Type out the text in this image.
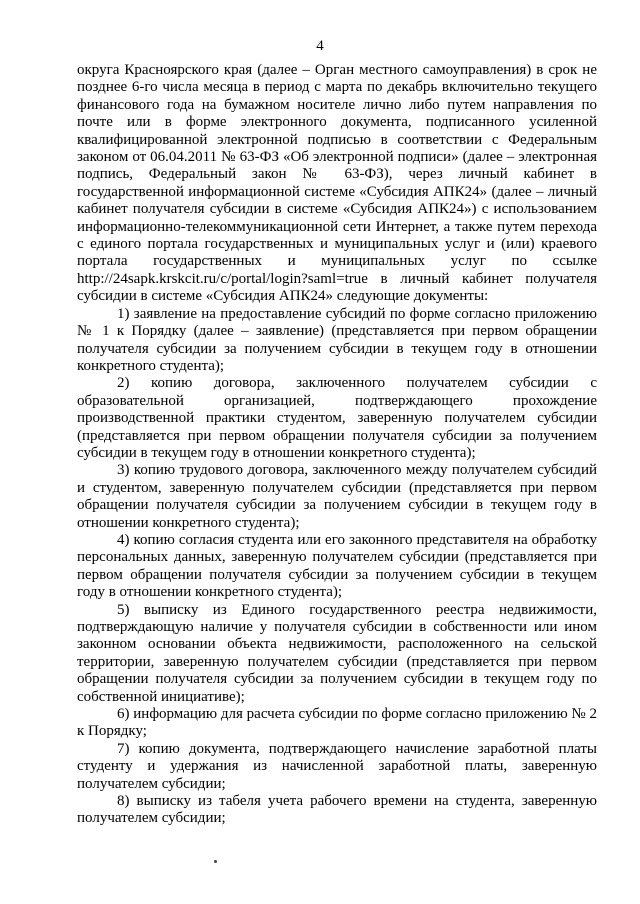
4

округа Красноярского края (далее – Орган местного самоуправления) в срок не позднее 6-го числа месяца в период с марта по декабрь включительно текущего финансового года на бумажном носителе лично либо путем направления по почте или в форме электронного документа, подписанного усиленной квалифицированной электронной подписью в соответствии с Федеральным законом от 06.04.2011 № 63-ФЗ «Об электронной подписи» (далее – электронная подпись, Федеральный закон № 63-ФЗ), через личный кабинет в государственной информационной системе «Субсидия АПК24» (далее – личный кабинет получателя субсидии в системе «Субсидия АПК24») с использованием информационно-телекоммуникационной сети Интернет, а также путем перехода с единого портала государственных и муниципальных услуг и (или) краевого портала государственных и муниципальных услуг по ссылке http://24sapk.krskcit.ru/c/portal/login?saml=true в личный кабинет получателя субсидии в системе «Субсидия АПК24» следующие документы:

1) заявление на предоставление субсидий по форме согласно приложению № 1 к Порядку (далее – заявление) (представляется при первом обращении получателя субсидии за получением субсидии в текущем году в отношении конкретного студента);

2) копию договора, заключенного получателем субсидии с образовательной организацией, подтверждающего прохождение производственной практики студентом, заверенную получателем субсидии (представляется при первом обращении получателя субсидии за получением субсидии в текущем году в отношении конкретного студента);

3) копию трудового договора, заключенного между получателем субсидий и студентом, заверенную получателем субсидии (представляется при первом обращении получателя субсидии за получением субсидии в текущем году в отношении конкретного студента);

4) копию согласия студента или его законного представителя на обработку персональных данных, заверенную получателем субсидии (представляется при первом обращении получателя субсидии за получением субсидии в текущем году в отношении конкретного студента);

5) выписку из Единого государственного реестра недвижимости, подтверждающую наличие у получателя субсидии в собственности или ином законном основании объекта недвижимости, расположенного на сельской территории, заверенную получателем субсидии (представляется при первом обращении получателя субсидии за получением субсидии в текущем году по собственной инициативе);

6) информацию для расчета субсидии по форме согласно приложению № 2 к Порядку;

7) копию документа, подтверждающего начисление заработной платы студенту и удержания из начисленной заработной платы, заверенную получателем субсидии;

8) выписку из табеля учета рабочего времени на студента, заверенную получателем субсидии;
